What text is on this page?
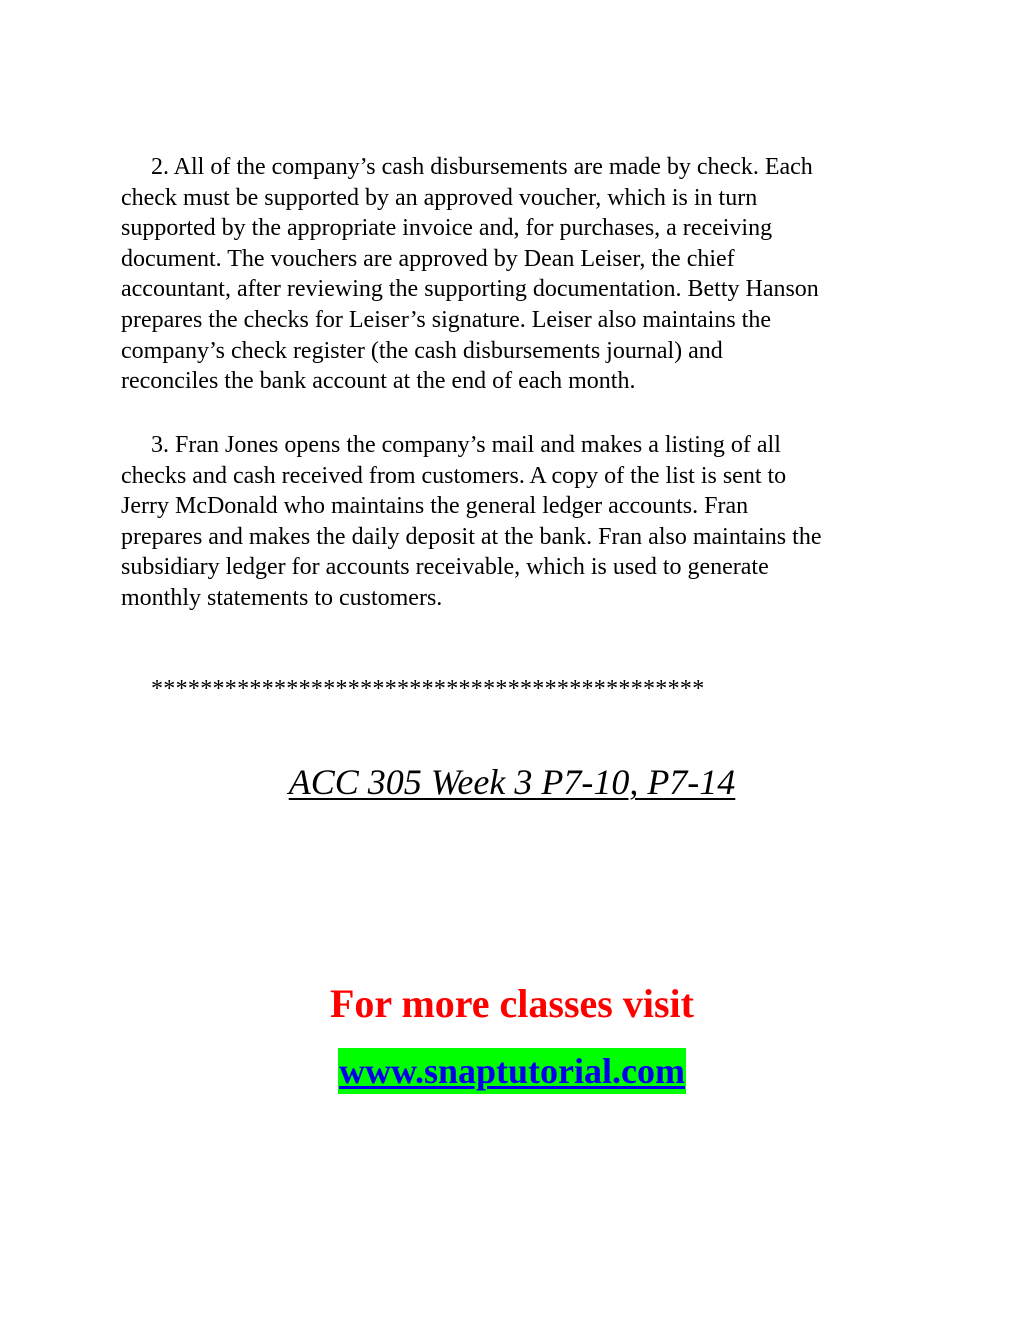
2. All of the company’s cash disbursements are made by check. Each
check must be supported by an approved voucher, which is in turn
supported by the appropriate invoice and, for purchases, a receiving
document. The vouchers are approved by Dean Leiser, the chief
accountant, after reviewing the supporting documentation. Betty Hanson
prepares the checks for Leiser’s signature. Leiser also maintains the
company’s check register (the cash disbursements journal) and
reconciles the bank account at the end of each month.

3. Fran Jones opens the company’s mail and makes a listing of all
checks and cash received from customers. A copy of the list is sent to
Jerry McDonald who maintains the general ledger accounts. Fran
prepares and makes the daily deposit at the bank. Fran also maintains the
subsidiary ledger for accounts receivable, which is used to generate
monthly statements to customers.

*********************************************
ACC 305 Week 3 P7-10, P7-14
For more classes visit
www.snaptutorial.com
